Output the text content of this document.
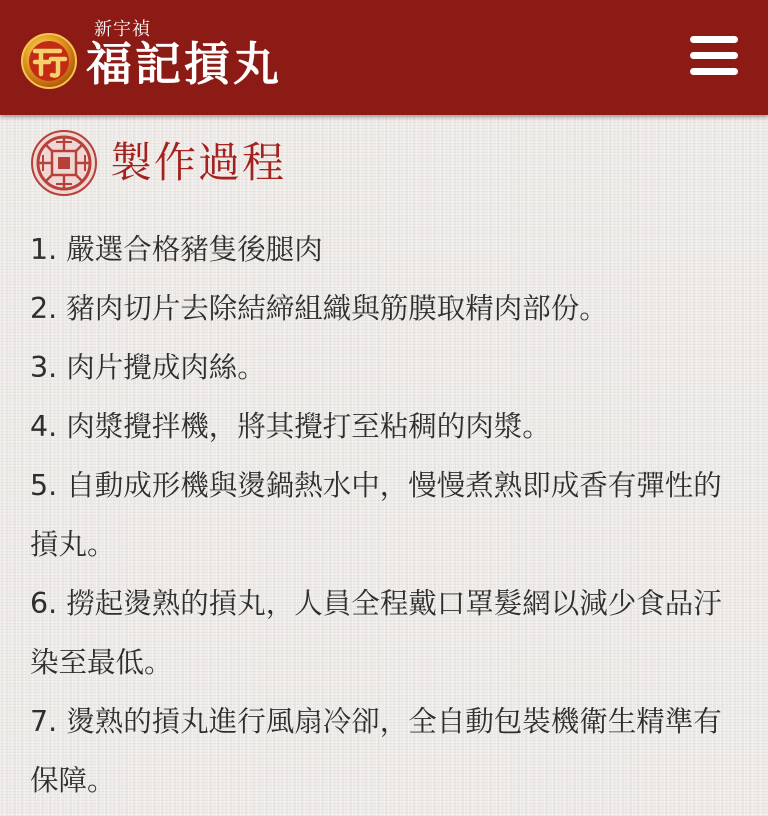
新宇禎
福記摃丸
製作過程
1. 嚴選合格豬隻後腿肉
2. 豬肉切片去除結締組織與筋膜取精肉部份。
3. 肉片攪成肉絲。
4. 肉漿攪拌機，將其攪打至粘稠的肉漿。
5. 自動成形機與燙鍋熱水中，慢慢煮熟即成香有彈性的摃丸。
6. 撈起燙熟的摃丸，人員全程戴口罩髮網以減少食品汙染至最低。
7. 燙熟的摃丸進行風扇冷卻，全自動包裝機衛生精準有保障。
